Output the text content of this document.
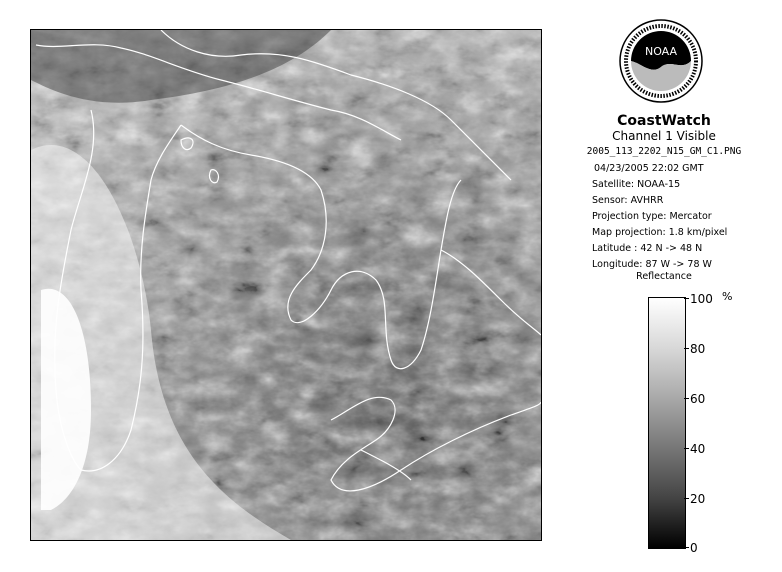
NOAA
CoastWatch
Channel 1 Visible
2005_113_2202_N15_GM_C1.PNG
04/23/2005 22:02 GMT
Satellite: NOAA-15
Sensor: AVHRR
Projection type: Mercator
Map projection: 1.8 km/pixel
Latitude : 42 N -> 48 N
Longitude: 87 W -> 78 W
Reflectance
%
100
80
60
40
20
0
